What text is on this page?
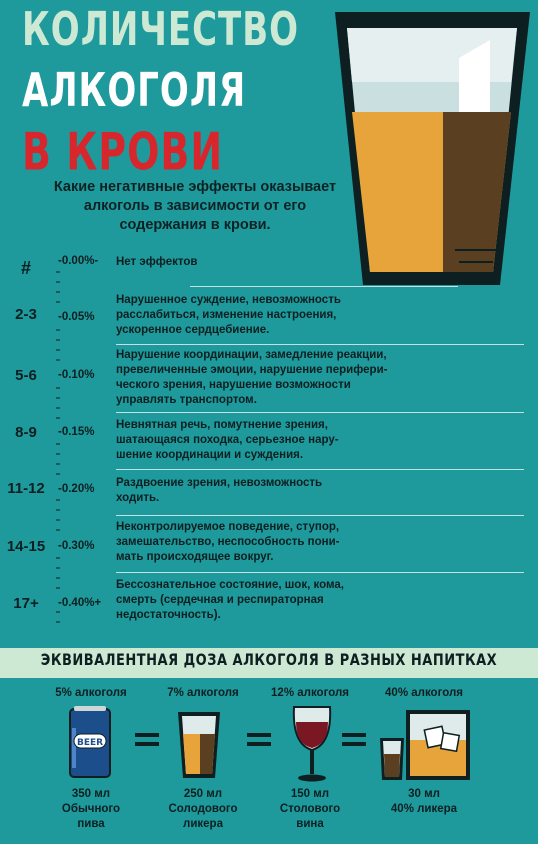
КОЛИЧЕСТВО
АЛКОГОЛЯ
В КРОВИ
Какие негативные эффекты оказывает
алкоголь в зависимости от его
содержания в крови.
#	-0.00%- Нет эффектов
2-3	-0.05%
Нарушенное суждение, невозможность
расслабиться, изменение настроения,
ускоренное сердцебиение.
5-6	-0.10%
Нарушение координации, замедление реакции,
превеличенные эмоции, нарушение перифери-
ческого зрения, нарушение возможности
управлять транспортом.
8-9	-0.15%
Невнятная речь, помутнение зрения,
шатающаяся походка, серьезное нару-
шение координации и суждения.
11-12 -0.20% Раздвоение зрения, невозможность
ходить.
14-15 -0.30%
Неконтролируемое поведение, ступор,
замешательство, неспособность пони-
мать происходящее вокруг.
17+	-0.40%+
Бессознательное состояние, шок, кома,
смерть (сердечная и респираторная
недостаточность).
ЭКВИВАЛЕНТНАЯ ДОЗА АЛКОГОЛЯ В РАЗНЫХ НАПИТКАХ
5% алкоголя	7% алкоголя	12% алкоголя	40% алкоголя
BEER
350 мл
Обычного
пива
250 мл
Солодового
ликера
150 мл
Столового
вина
30 мл
40% ликера
